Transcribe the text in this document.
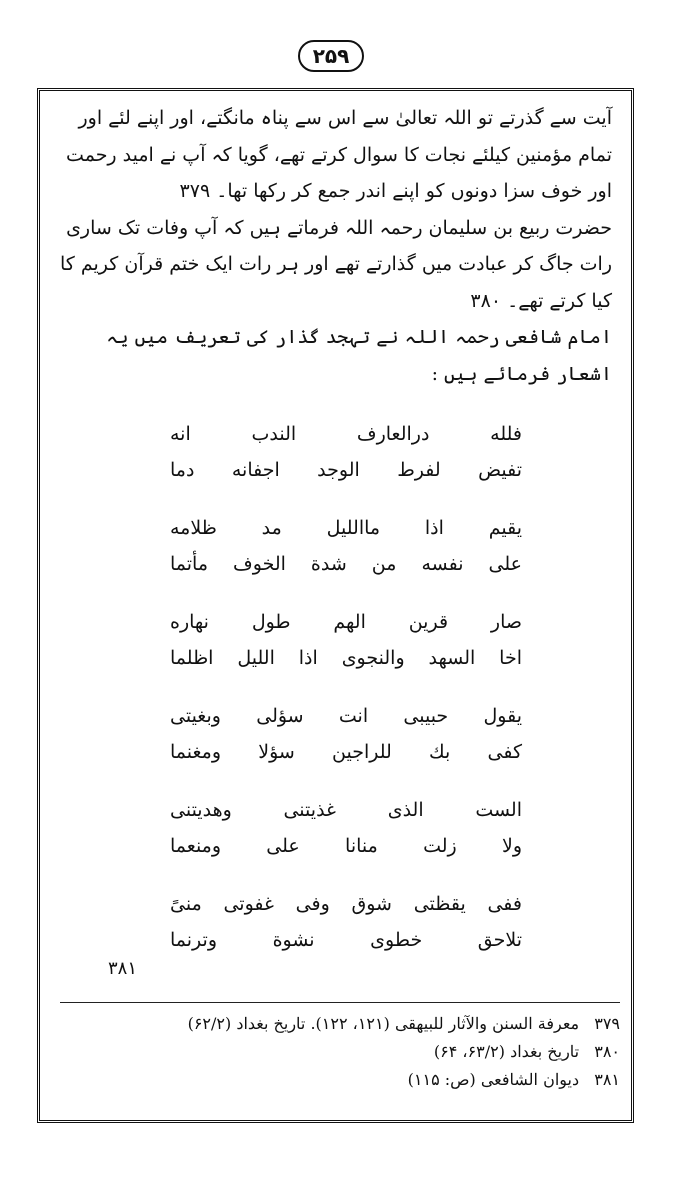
۲۵۹

آیت سے گذرتے تو اللہ تعالیٰ سے اس سے پناہ مانگتے، اور اپنے لئے اور تمام مؤمنین کیلئے نجات کا سوال کرتے تھے، گویا کہ آپ نے امید رحمت اور خوف سزا دونوں کو اپنے اندر جمع کر رکھا تھا۔ ۳۷۹

حضرت ربیع بن سلیمان رحمہ اللہ فرماتے ہیں کہ آپ وفات تک ساری رات جاگ کر عبادت میں گذارتے تھے اور ہر رات ایک ختم قرآن کریم کا کیا کرتے تھے۔ ۳۸۰

امام شافعی رحمہ اللہ نے تہجد گذار کی تعریف میں یہ اشعار فرمائے ہیں :

فلله درالعارف الندب انه
تفيض لفرط الوجد اجفانه دما
يقيم اذا ماالليل مد ظلامه
على نفسه من شدة الخوف مأتما
صار قرين الهم طول نهاره
اخا السهد والنجوى اذا الليل اظلما
يقول حبيبى انت سؤلى وبغيتى
كفى بك للراجين سؤلا ومغنما
الست الذى غذيتنى وهديتنى
ولا زلت منانا على ومنعما
ففى يقظتى شوق وفى غفوتى منىً
تلاحق خطوى نشوة وترنما
۳۸۱
۳۷۹ معرفة السنن والآثار للبيهقى (۱۲۱، ۱۲۲). تاريخ بغداد (۶۲/۲)
۳۸۰ تاريخ بغداد (۶۳/۲، ۶۴)
۳۸۱ ديوان الشافعى (ص: ۱۱۵)
